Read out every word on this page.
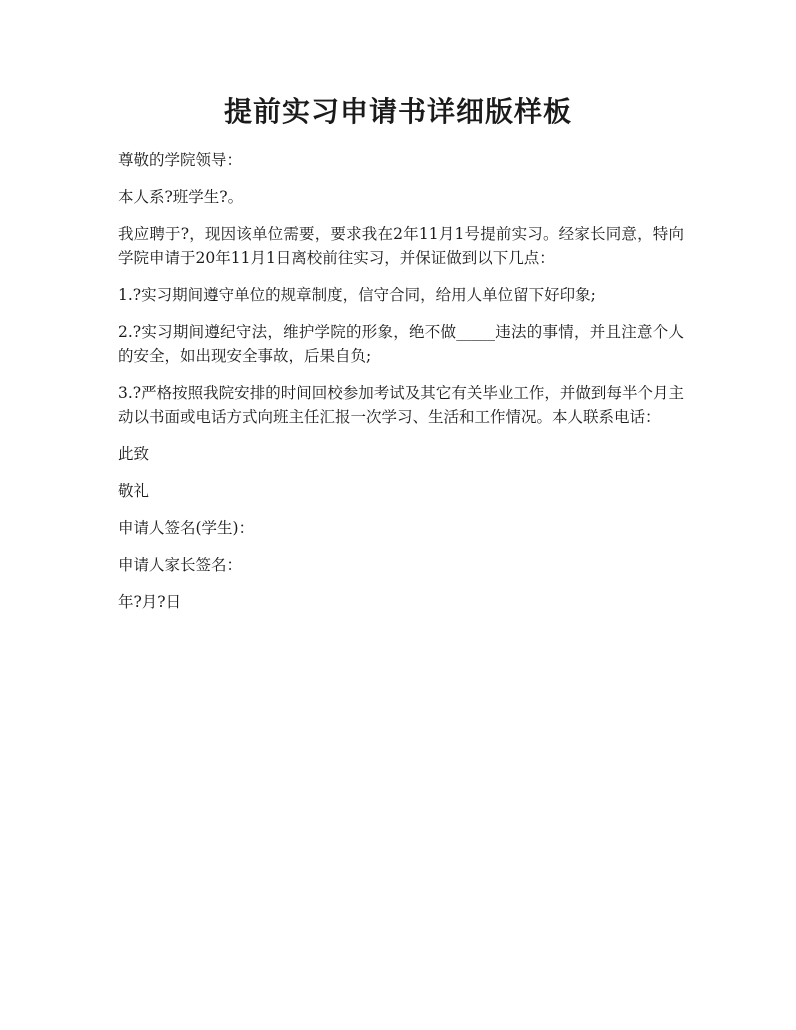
提前实习申请书详细版样板

尊敬的学院领导：

本人系?班学生?。

我应聘于?，现因该单位需要，要求我在2年11月1号提前实习。经家长同意，特向学院申请于20年11月1日离校前往实习，并保证做到以下几点：

1.?实习期间遵守单位的规章制度，信守合同，给用人单位留下好印象;

2.?实习期间遵纪守法，维护学院的形象，绝不做_____违法的事情，并且注意个人的安全，如出现安全事故，后果自负;

3.?严格按照我院安排的时间回校参加考试及其它有关毕业工作，并做到每半个月主动以书面或电话方式向班主任汇报一次学习、生活和工作情况。本人联系电话：

此致

敬礼

申请人签名(学生)：

申请人家长签名：

年?月?日
